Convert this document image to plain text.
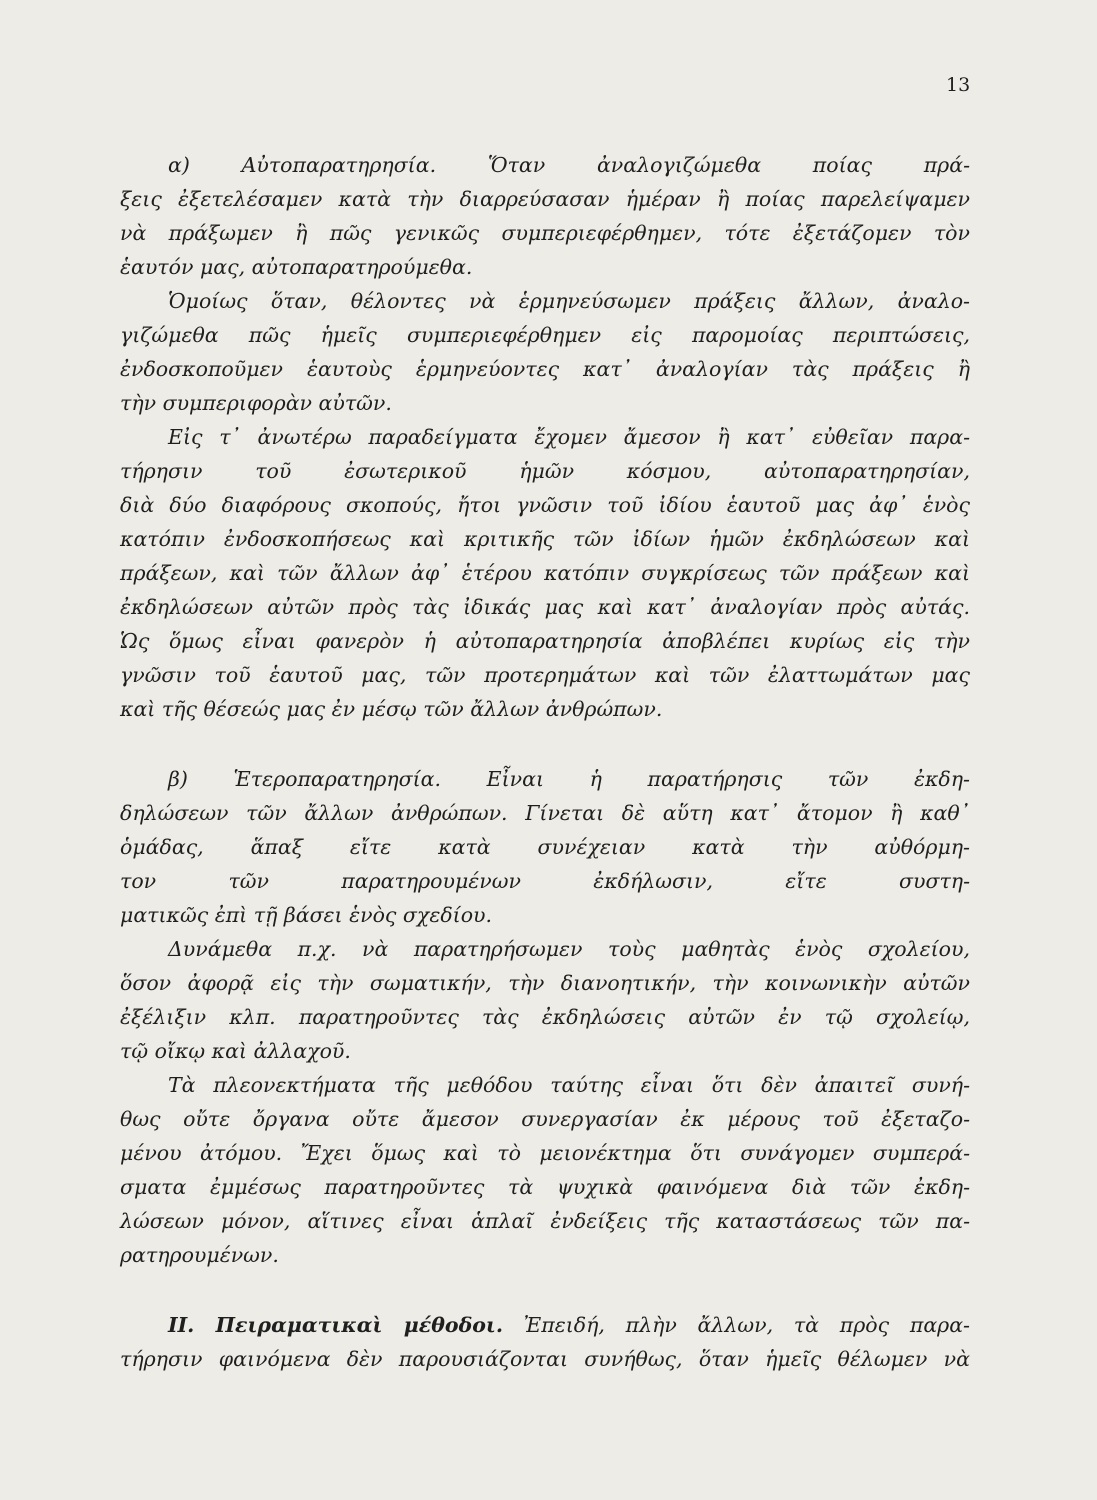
13
α) Αὐτοπαρατηρησία. Ὅταν ἀναλογιζώμεθα ποίας πρά-
ξεις ἐξετελέσαμεν κατὰ τὴν διαρρεύσασαν ἡμέραν ἢ ποίας παρελείψαμεν
νὰ πράξωμεν ἢ πῶς γενικῶς συμπεριεφέρθημεν, τότε ἐξετάζομεν τὸν
ἑαυτόν μας, αὐτοπαρατηρούμεθα.
Ὁμοίως ὅταν, θέλοντες νὰ ἑρμηνεύσωμεν πράξεις ἄλλων, ἀναλο-
γιζώμεθα πῶς ἡμεῖς συμπεριεφέρθημεν εἰς παρομοίας περιπτώσεις,
ἐνδοσκοποῦμεν ἑαυτοὺς ἑρμηνεύοντες κατ᾽ ἀναλογίαν τὰς πράξεις ἢ
τὴν συμπεριφορὰν αὐτῶν.
Εἰς τ᾽ ἀνωτέρω παραδείγματα ἔχομεν ἄμεσον ἢ κατ᾽ εὐθεῖαν παρα-
τήρησιν τοῦ ἐσωτερικοῦ ἡμῶν κόσμου, αὐτοπαρατηρησίαν,
διὰ δύο διαφόρους σκοπούς, ἤτοι γνῶσιν τοῦ ἰδίου ἑαυτοῦ μας ἀφ᾽ ἑνὸς
κατόπιν ἐνδοσκοπήσεως καὶ κριτικῆς τῶν ἰδίων ἡμῶν ἐκδηλώσεων καὶ
πράξεων, καὶ τῶν ἄλλων ἀφ᾽ ἑτέρου κατόπιν συγκρίσεως τῶν πράξεων καὶ
ἐκδηλώσεων αὐτῶν πρὸς τὰς ἰδικάς μας καὶ κατ᾽ ἀναλογίαν πρὸς αὐτάς.
Ὡς ὅμως εἶναι φανερὸν ἡ αὐτοπαρατηρησία ἀποβλέπει κυρίως εἰς τὴν
γνῶσιν τοῦ ἑαυτοῦ μας, τῶν προτερημάτων καὶ τῶν ἐλαττωμάτων μας
καὶ τῆς θέσεώς μας ἐν μέσῳ τῶν ἄλλων ἀνθρώπων.
β) Ἑτεροπαρατηρησία. Εἶναι ἡ παρατήρησις τῶν ἐκδη-
δηλώσεων τῶν ἄλλων ἀνθρώπων. Γίνεται δὲ αὕτη κατ᾽ ἄτομον ἢ καθ᾽
ὁμάδας, ἅπαξ εἴτε κατὰ συνέχειαν κατὰ τὴν αὐθόρμη-
τον τῶν παρατηρουμένων ἐκδήλωσιν, εἴτε συστη-
ματικῶς ἐπὶ τῇ βάσει ἑνὸς σχεδίου.
Δυνάμεθα π.χ. νὰ παρατηρήσωμεν τοὺς μαθητὰς ἑνὸς σχολείου,
ὅσον ἀφορᾷ εἰς τὴν σωματικήν, τὴν διανοητικήν, τὴν κοινωνικὴν αὐτῶν
ἐξέλιξιν κλπ. παρατηροῦντες τὰς ἐκδηλώσεις αὐτῶν ἐν τῷ σχολείῳ,
τῷ οἴκῳ καὶ ἀλλαχοῦ.
Τὰ πλεονεκτήματα τῆς μεθόδου ταύτης εἶναι ὅτι δὲν ἀπαιτεῖ συνή-
θως οὔτε ὄργανα οὔτε ἄμεσον συνεργασίαν ἐκ μέρους τοῦ ἐξεταζο-
μένου ἀτόμου. Ἔχει ὅμως καὶ τὸ μειονέκτημα ὅτι συνάγομεν συμπερά-
σματα ἐμμέσως παρατηροῦντες τὰ ψυχικὰ φαινόμενα διὰ τῶν ἐκδη-
λώσεων μόνον, αἵτινες εἶναι ἁπλαῖ ἐνδείξεις τῆς καταστάσεως τῶν πα-
ρατηρουμένων.
ΙΙ. Πειραματικαὶ μέθοδοι. Ἐπειδή, πλὴν ἄλλων, τὰ πρὸς παρα-
τήρησιν φαινόμενα δὲν παρουσιάζονται συνήθως, ὅταν ἡμεῖς θέλωμεν νὰ
